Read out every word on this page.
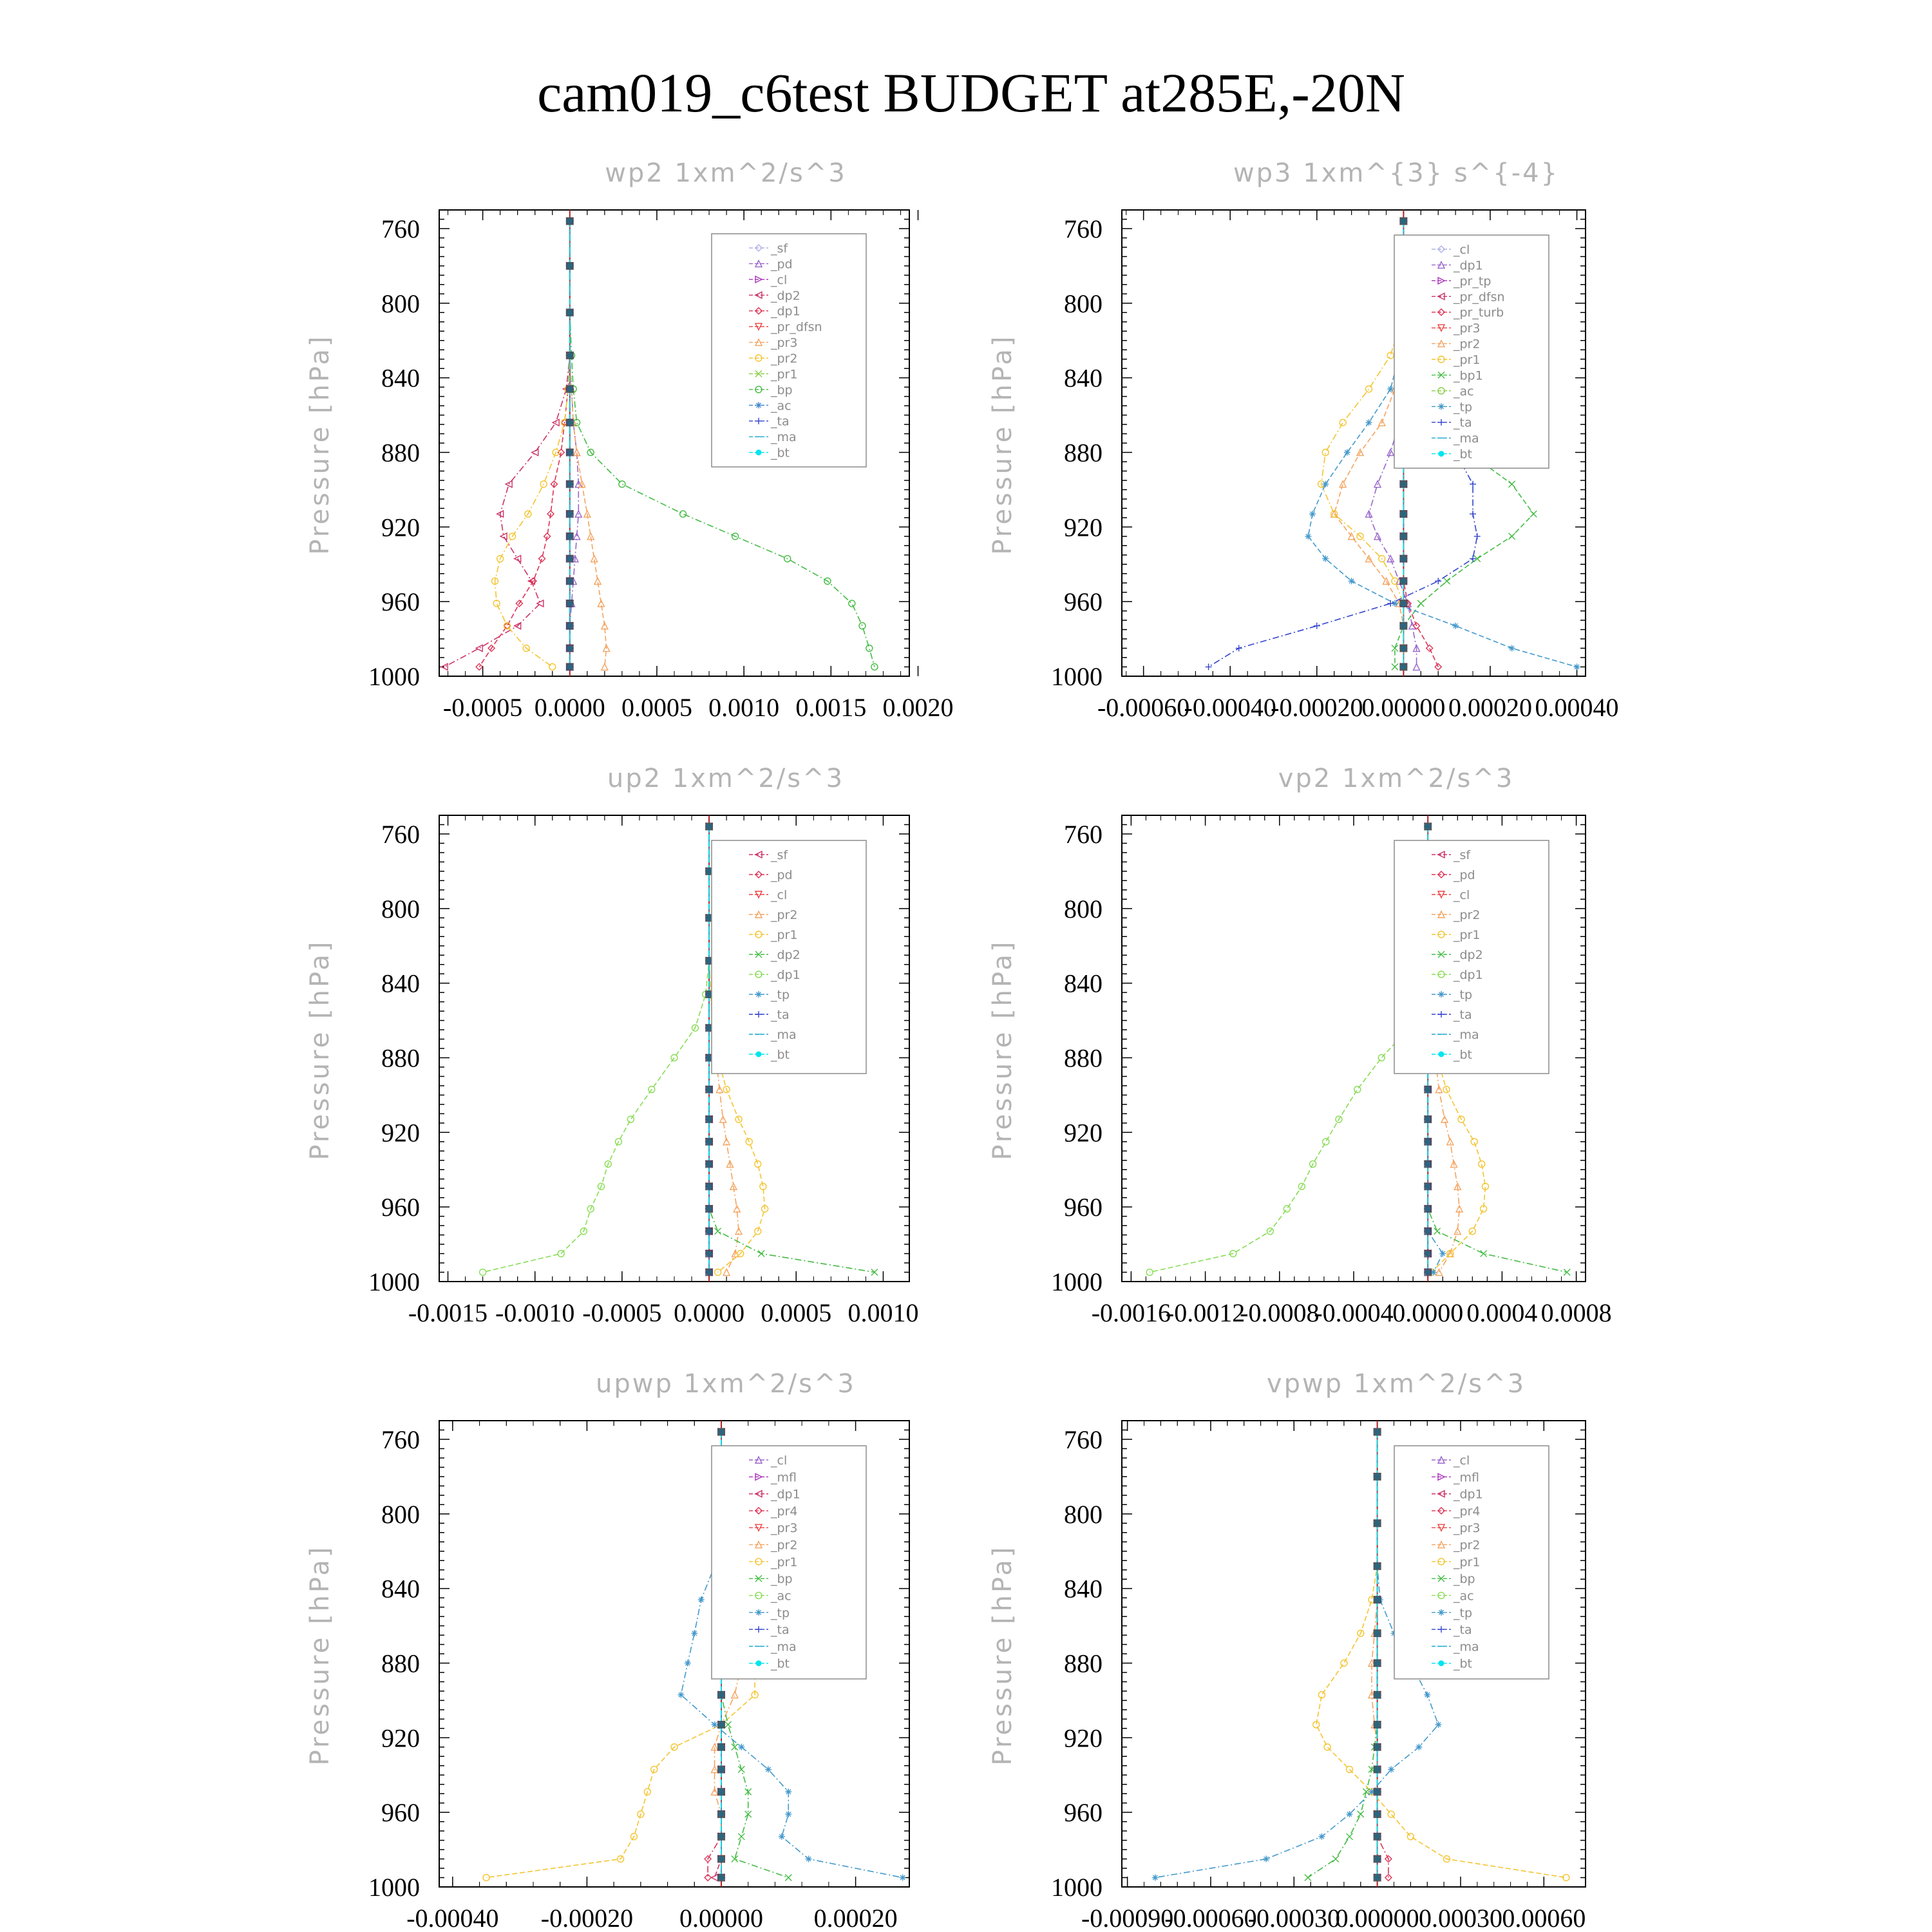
cam019_c6test BUDGET at285E,-20N
wp2 1xm^2/s^3
Pressure [hPa]
760
800
840
880
920
960
1000
-0.0005 0.0000 0.0005 0.0010 0.0015 0.0020
_sf
_pd
_cl
_dp2
_dp1
_pr_dfsn
_pr3
_pr2
_pr1
_bp
_ac
_ta
_ma
_bt
wp3 1xm^{3} s^{-4}
Pressure [hPa]
760
800
840
880
920
960
1000
-0.00060
-0.00040
-0.00020
0.00000 0.00020 0.00040
_cl
_dp1
_pr_tp
_pr_dfsn
_pr_turb
_pr3
_pr2
_pr1
_bp1
_ac
_tp
_ta
_ma
_bt
up2 1xm^2/s^3
Pressure [hPa]
760
800
840
880
920
960
1000
-0.0015 -0.0010 -0.0005 0.0000 0.0005 0.0010
_sf
_pd
_cl
_pr2
_pr1
_dp2
_dp1
_tp
_ta
_ma
_bt
vp2 1xm^2/s^3
Pressure [hPa]
760
800
840
880
920
960
1000
-0.0016
-0.0012
-0.0008
-0.0004
0.0000 0.0004 0.0008
_sf
_pd
_cl
_pr2
_pr1
_dp2
_dp1
_tp
_ta
_ma
_bt
upwp 1xm^2/s^3
Pressure [hPa]
760
800
840
880
920
960
1000
-0.00040 -0.00020 0.00000 0.00020
_cl
_mfl
_dp1
_pr4
_pr3
_pr2
_pr1
_bp
_ac
_tp
_ta
_ma
_bt
vpwp 1xm^2/s^3
Pressure [hPa]
760
800
840
880
920
960
1000
-0.00090
-0.00060
-0.00030
0.00000 0.00030 0.00060
_cl
_mfl
_dp1
_pr4
_pr3
_pr2
_pr1
_bp
_ac
_tp
_ta
_ma
_bt
